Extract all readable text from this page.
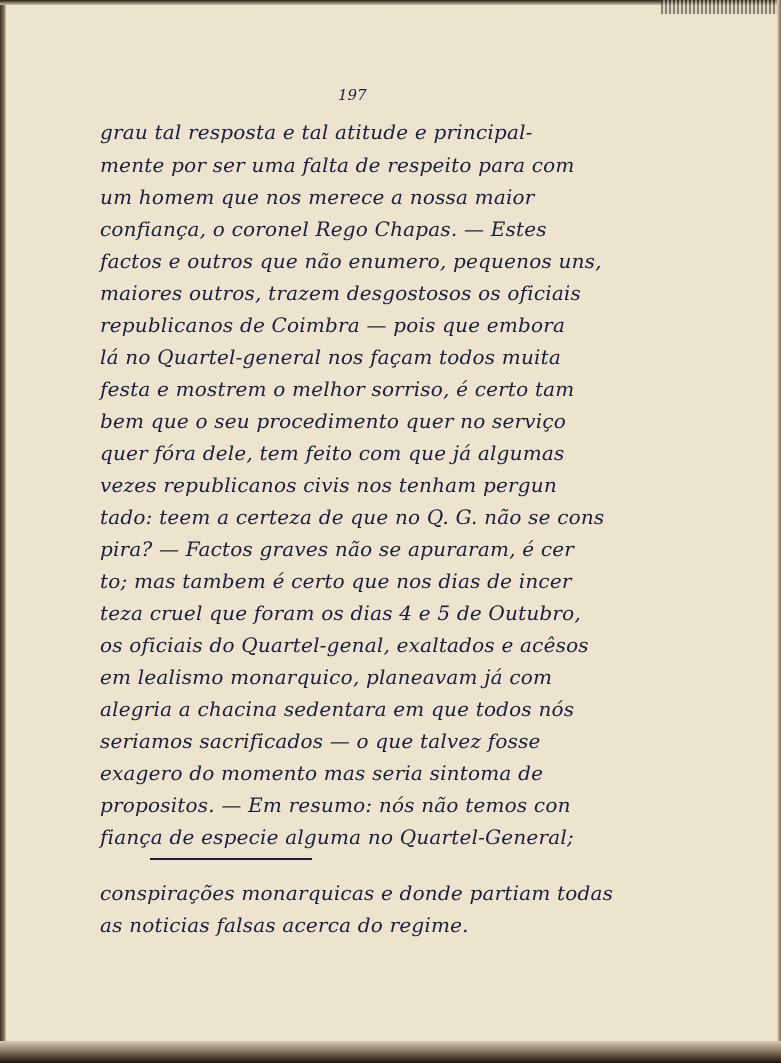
197
grau tal resposta e tal atitude e principal-
mente por ser uma falta de respeito para com
um homem que nos merece a nossa maior
confiança, o coronel Rego Chapas. — Estes
factos e outros que não enumero, pequenos uns,
maiores outros, trazem desgostosos os oficiais
republicanos de Coimbra — pois que embora
lá no Quartel-general nos façam todos muita
festa e mostrem o melhor sorriso, é certo tam
bem que o seu procedimento quer no serviço
quer fóra dele, tem feito com que já algumas
vezes republicanos civis nos tenham pergun
tado: teem a certeza de que no Q. G. não se cons
pira? — Factos graves não se apuraram, é cer
to; mas tambem é certo que nos dias de incer
teza cruel que foram os dias 4 e 5 de Outubro,
os oficiais do Quartel-genal, exaltados e acêsos
em lealismo monarquico, planeavam já com
alegria a chacina sedentara em que todos nós
seriamos sacrificados — o que talvez fosse
exagero do momento mas seria sintoma de
propositos. — Em resumo: nós não temos con
fiança de especie alguma no Quartel-General;
conspirações monarquicas e donde partiam todas
as noticias falsas acerca do regime.
